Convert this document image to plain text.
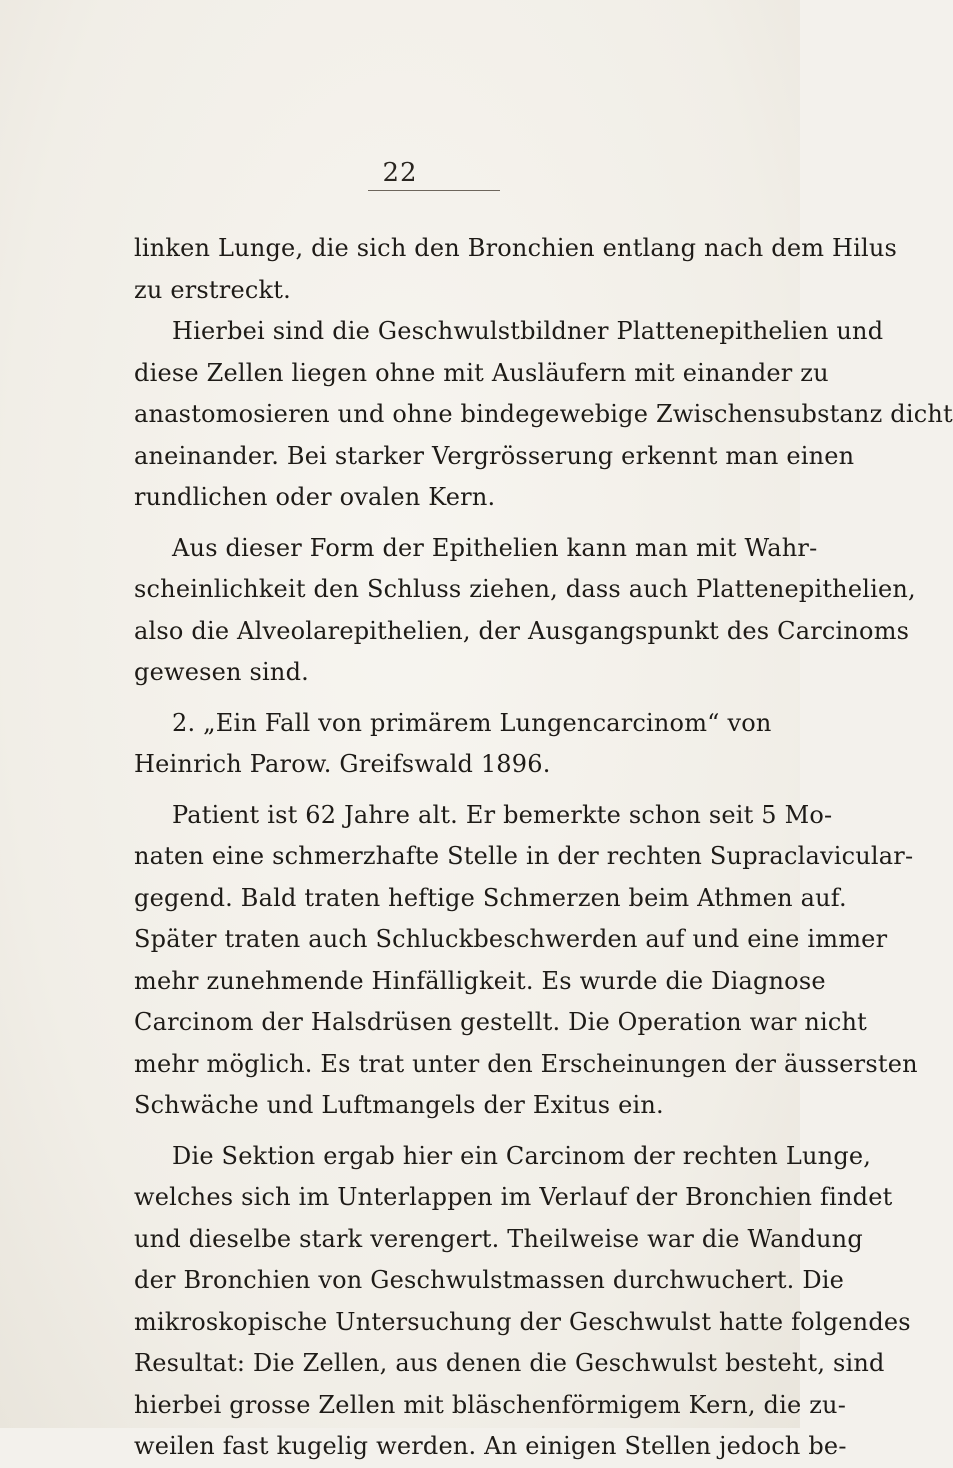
22
linken Lunge, die sich den Bronchien entlang nach dem Hilus
zu erstreckt.
Hierbei sind die Geschwulstbildner Plattenepithelien und
diese Zellen liegen ohne mit Ausläufern mit einander zu
anastomosieren und ohne bindegewebige Zwischensubstanz dicht
aneinander. Bei starker Vergrösserung erkennt man einen
rundlichen oder ovalen Kern.
Aus dieser Form der Epithelien kann man mit Wahr-
scheinlichkeit den Schluss ziehen, dass auch Plattenepithelien,
also die Alveolarepithelien, der Ausgangspunkt des Carcinoms
gewesen sind.
2. „Ein Fall von primärem Lungencarcinom“ von
Heinrich Parow. Greifswald 1896.
Patient ist 62 Jahre alt. Er bemerkte schon seit 5 Mo-
naten eine schmerzhafte Stelle in der rechten Supraclavicular-
gegend. Bald traten heftige Schmerzen beim Athmen auf.
Später traten auch Schluckbeschwerden auf und eine immer
mehr zunehmende Hinfälligkeit. Es wurde die Diagnose
Carcinom der Halsdrüsen gestellt. Die Operation war nicht
mehr möglich. Es trat unter den Erscheinungen der äussersten
Schwäche und Luftmangels der Exitus ein.
Die Sektion ergab hier ein Carcinom der rechten Lunge,
welches sich im Unterlappen im Verlauf der Bronchien findet
und dieselbe stark verengert. Theilweise war die Wandung
der Bronchien von Geschwulstmassen durchwuchert. Die
mikroskopische Untersuchung der Geschwulst hatte folgendes
Resultat: Die Zellen, aus denen die Geschwulst besteht, sind
hierbei grosse Zellen mit bläschenförmigem Kern, die zu-
weilen fast kugelig werden. An einigen Stellen jedoch be-
